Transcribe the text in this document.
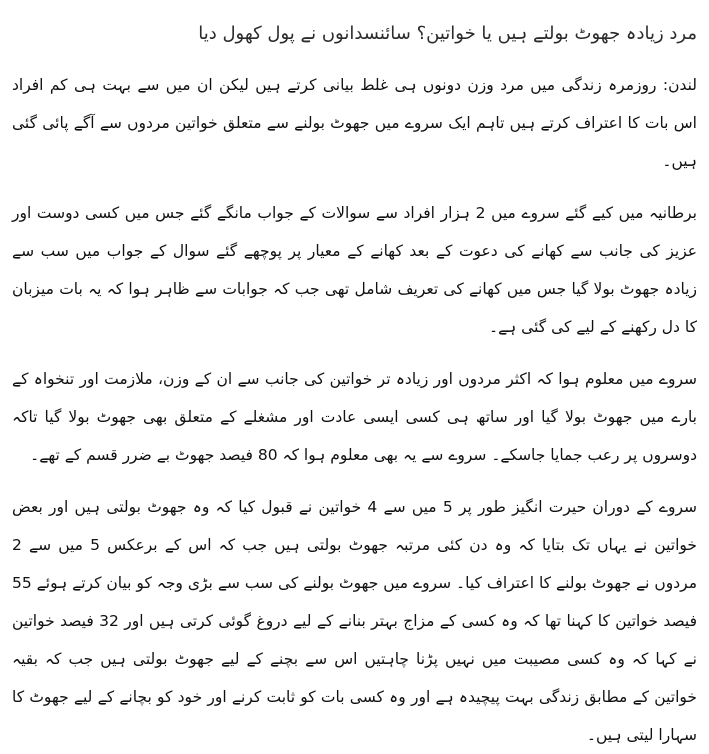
مرد زیادہ جھوٹ بولتے ہیں یا خواتین؟ سائنسدانوں نے پول کھول دیا

لندن: روزمرہ زندگی میں مرد وزن دونوں ہی غلط بیانی کرتے ہیں لیکن ان میں سے بہت ہی کم افراد اس بات کا اعتراف کرتے ہیں تاہم ایک سروے میں جھوٹ بولنے سے متعلق خواتین مردوں سے آگے پائی گئی ہیں۔

برطانیہ میں کیے گئے سروے میں 2 ہزار افراد سے سوالات کے جواب مانگے گئے جس میں کسی دوست اور عزیز کی جانب سے کھانے کی دعوت کے بعد کھانے کے معیار پر پوچھے گئے سوال کے جواب میں سب سے زیادہ جھوٹ بولا گیا جس میں کھانے کی تعریف شامل تھی جب کہ جوابات سے ظاہر ہوا کہ یہ بات میزبان کا دل رکھنے کے لیے کی گئی ہے۔

سروے میں معلوم ہوا کہ اکثر مردوں اور زیادہ تر خواتین کی جانب سے ان کے وزن، ملازمت اور تنخواہ کے بارے میں جھوٹ بولا گیا اور ساتھ ہی کسی ایسی عادت اور مشغلے کے متعلق بھی جھوٹ بولا گیا تاکہ دوسروں پر رعب جمایا جاسکے۔ سروے سے یہ بھی معلوم ہوا کہ 80 فیصد جھوٹ بے ضرر قسم کے تھے۔

سروے کے دوران حیرت انگیز طور پر 5 میں سے 4 خواتین نے قبول کیا کہ وہ جھوٹ بولتی ہیں اور بعض خواتین نے یہاں تک بتایا کہ وہ دن کئی مرتبہ جھوٹ بولتی ہیں جب کہ اس کے برعکس 5 میں سے 2 مردوں نے جھوٹ بولنے کا اعتراف کیا۔ سروے میں جھوٹ بولنے کی سب سے بڑی وجہ کو بیان کرتے ہوئے 55 فیصد خواتین کا کہنا تھا کہ وہ کسی کے مزاج بہتر بنانے کے لیے دروغ گوئی کرتی ہیں اور 32 فیصد خواتین نے کہا کہ وہ کسی مصیبت میں نہیں پڑنا چاہتیں اس سے بچنے کے لیے جھوٹ بولتی ہیں جب کہ بقیہ خواتین کے مطابق زندگی بہت پیچیدہ ہے اور وہ کسی بات کو ثابت کرنے اور خود کو بچانے کے لیے جھوٹ کا سہارا لیتی ہیں۔
